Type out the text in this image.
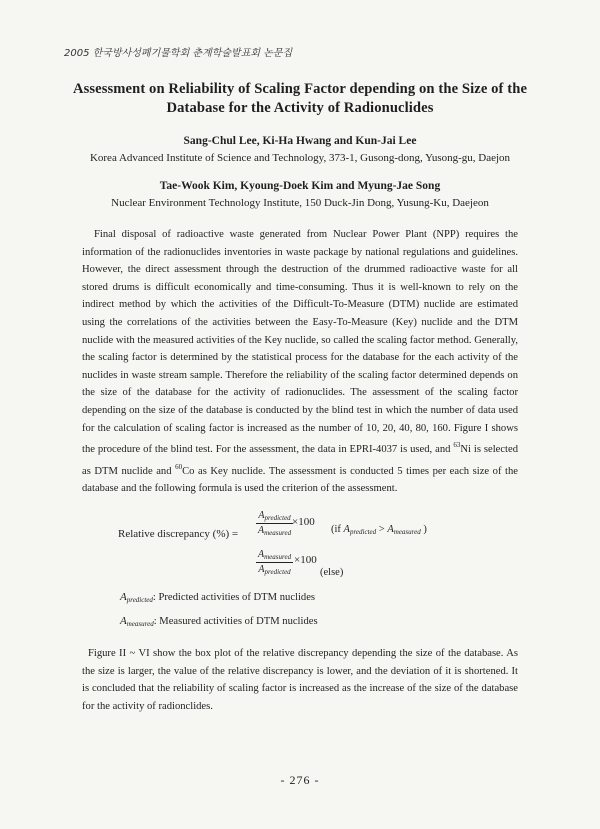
2005 한국방사성폐기물학회 춘계학술발표회 논문집
Assessment on Reliability of Scaling Factor depending on the Size of the
Database for the Activity of Radionuclides
Sang-Chul Lee, Ki-Ha Hwang and Kun-Jai Lee
Korea Advanced Institute of Science and Technology, 373-1, Gusong-dong, Yusong-gu, Daejon
Tae-Wook Kim, Kyoung-Doek Kim and Myung-Jae Song
Nuclear Environment Technology Institute, 150 Duck-Jin Dong, Yusung-Ku, Daejeon

Final disposal of radioactive waste generated from Nuclear Power Plant (NPP) requires the information of the radionuclides inventories in waste package by national regulations and guidelines. However, the direct assessment through the destruction of the drummed radioactive waste for all stored drums is difficult economically and time-consuming. Thus it is well-known to rely on the indirect method by which the activities of the Difficult-To-Measure (DTM) nuclide are estimated using the correlations of the activities between the Easy-To-Measure (Key) nuclide and the DTM nuclide with the measured activities of the Key nuclide, so called the scaling factor method. Generally, the scaling factor is determined by the statistical process for the database for the each activity of the nuclides in waste stream sample. Therefore the reliability of the scaling factor determined depends on the size of the database for the activity of radionuclides. The assessment of the scaling factor depending on the size of the database is conducted by the blind test in which the number of data used for the calculation of scaling factor is increased as the number of 10, 20, 40, 80, 160. Figure I shows the procedure of the blind test. For the assessment, the data in EPRI-4037 is used, and $^{63}$Ni is selected as DTM nuclide and $^{60}$Co as Key nuclide. The assessment is conducted 5 times per each size of the database and the following formula is used the criterion of the assessment.

Relative discrepancy (%) =
$A_{predicted}$
$A_{measured}$
×100
(if $A_{predicted} > A_{measured}$ )
$A_{measured}$
$A_{predicted}$
×100
(else)
$A_{predicted}$: Predicted activities of DTM nuclides
$A_{measured}$: Measured activities of DTM nuclides

Figure II ~ VI show the box plot of the relative discrepancy depending the size of the database. As the size is larger, the value of the relative discrepancy is lower, and the deviation of it is shortened. It is concluded that the reliability of scaling factor is increased as the increase of the size of the database for the activity of radionclides.

- 276 -
